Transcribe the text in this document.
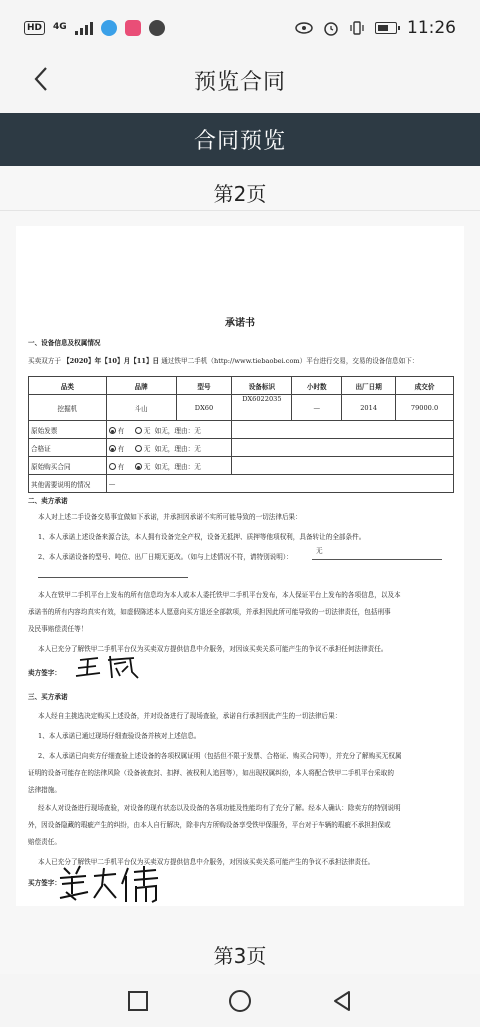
HD	4G	11:26
预览合同
合同预览
第2页
承诺书
一、设备信息及权属情况
买卖双方于 【2020】年【10】月【11】日 通过铁甲二手机（http://www.tiebaobei.com）平台进行交易，交易的设备信息如下：
品类	品牌	型号	设备标识	小时数	出厂日期	成交价
挖掘机	斗山	DX60	DX6022035	—	2014	79000.0
原始发票	有 无 如无，理由：无					
合格证	有 无 如无，理由：无					
原始购买合同	有 无 如无，理由：无					
其他需要说明的情况	—					
二、卖方承诺
本人对上述二手设备交易事宜做如下承诺，并承担因承诺不实所可能导致的一切法律后果：
1、本人承诺上述设备来源合法，本人拥有设备完全产权，设备无抵押、质押等他项权利，具备转让的全部条件。
2、本人承诺设备的型号、吨位、出厂日期无更改。（如与上述情况不符，请特别说明）：
无
本人在铁甲二手机平台上发布的所有信息均为本人或本人委托铁甲二手机平台发布，本人保证平台上发布的各项信息，以及本
承诺书的所有内容均真实有效，如虚假陈述本人愿意向买方退还全部款项，并承担因此所可能导致的一切法律责任，包括刑事
及民事赔偿责任等！
本人已充分了解铁甲二手机平台仅为买卖双方提供信息中介服务，对因该买卖关系可能产生的争议不承担任何法律责任。
卖方签字：
三、买方承诺
本人经自主挑选决定购买上述设备，并对设备进行了现场查验，承诺自行承担因此产生的一切法律后果：
1、本人承诺已通过现场仔细查验设备并核对上述信息。
2、本人承诺已向卖方仔细查验上述设备的各项权属证明（包括但不限于发票、合格证、购买合同等），并充分了解购买无权属
证明的设备可能存在的法律风险（设备被查封、扣押、被权利人追回等），如出现权属纠纷，本人将配合铁甲二手机平台采取的
法律措施。
经本人对设备进行现场查验，对设备的现有状态以及设备的各项功能及性能均有了充分了解。经本人确认：除卖方的特别说明
外，因设备隐藏的瑕疵产生的纠纷，由本人自行解决，除非内方所购设备享受铁甲保服务，平台对于车辆的瑕疵不承担担保或
赔偿责任。
本人已充分了解铁甲二手机平台仅为买卖双方提供信息中介服务，对因该买卖关系可能产生的争议不承担法律责任。
买方签字：
第3页
